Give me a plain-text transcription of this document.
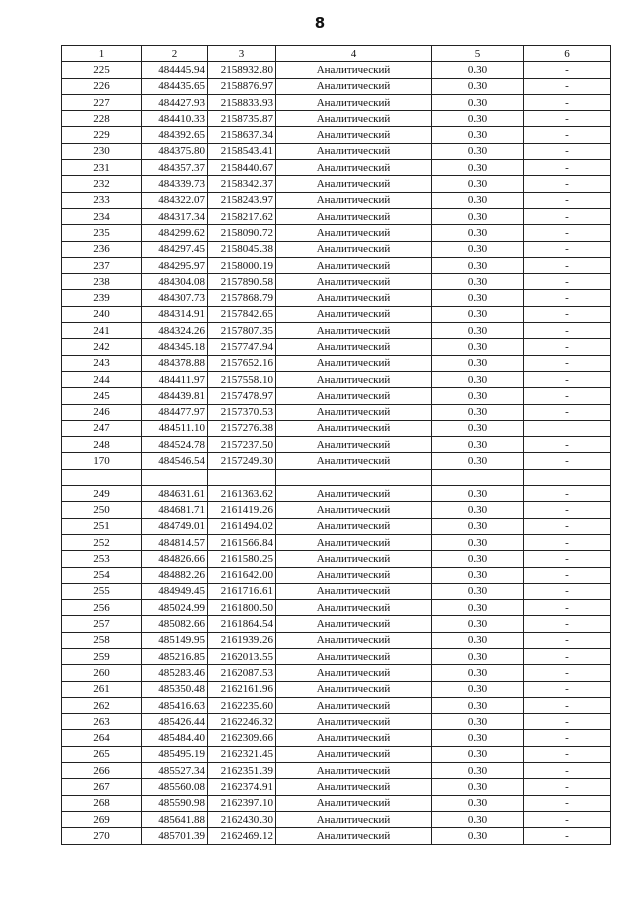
8
1	2	3	4	5	6
225	484445.94	2158932.80	Аналитический	0.30	-
226	484435.65	2158876.97	Аналитический	0.30	-
227	484427.93	2158833.93	Аналитический	0.30	-
228	484410.33	2158735.87	Аналитический	0.30	-
229	484392.65	2158637.34	Аналитический	0.30	-
230	484375.80	2158543.41	Аналитический	0.30	-
231	484357.37	2158440.67	Аналитический	0.30	-
232	484339.73	2158342.37	Аналитический	0.30	-
233	484322.07	2158243.97	Аналитический	0.30	-
234	484317.34	2158217.62	Аналитический	0.30	-
235	484299.62	2158090.72	Аналитический	0.30	-
236	484297.45	2158045.38	Аналитический	0.30	-
237	484295.97	2158000.19	Аналитический	0.30	-
238	484304.08	2157890.58	Аналитический	0.30	-
239	484307.73	2157868.79	Аналитический	0.30	-
240	484314.91	2157842.65	Аналитический	0.30	-
241	484324.26	2157807.35	Аналитический	0.30	-
242	484345.18	2157747.94	Аналитический	0.30	-
243	484378.88	2157652.16	Аналитический	0.30	-
244	484411.97	2157558.10	Аналитический	0.30	-
245	484439.81	2157478.97	Аналитический	0.30	-
246	484477.97	2157370.53	Аналитический	0.30	-
247	484511.10	2157276.38	Аналитический	0.30	
248	484524.78	2157237.50	Аналитический	0.30	-
170	484546.54	2157249.30	Аналитический	0.30	-

249	484631.61	2161363.62	Аналитический	0.30	-
250	484681.71	2161419.26	Аналитический	0.30	-
251	484749.01	2161494.02	Аналитический	0.30	-
252	484814.57	2161566.84	Аналитический	0.30	-
253	484826.66	2161580.25	Аналитический	0.30	-
254	484882.26	2161642.00	Аналитический	0.30	-
255	484949.45	2161716.61	Аналитический	0.30	-
256	485024.99	2161800.50	Аналитический	0.30	-
257	485082.66	2161864.54	Аналитический	0.30	-
258	485149.95	2161939.26	Аналитический	0.30	-
259	485216.85	2162013.55	Аналитический	0.30	-
260	485283.46	2162087.53	Аналитический	0.30	-
261	485350.48	2162161.96	Аналитический	0.30	-
262	485416.63	2162235.60	Аналитический	0.30	-
263	485426.44	2162246.32	Аналитический	0.30	-
264	485484.40	2162309.66	Аналитический	0.30	-
265	485495.19	2162321.45	Аналитический	0.30	-
266	485527.34	2162351.39	Аналитический	0.30	-
267	485560.08	2162374.91	Аналитический	0.30	-
268	485590.98	2162397.10	Аналитический	0.30	-
269	485641.88	2162430.30	Аналитический	0.30	-
270	485701.39	2162469.12	Аналитический	0.30	-
